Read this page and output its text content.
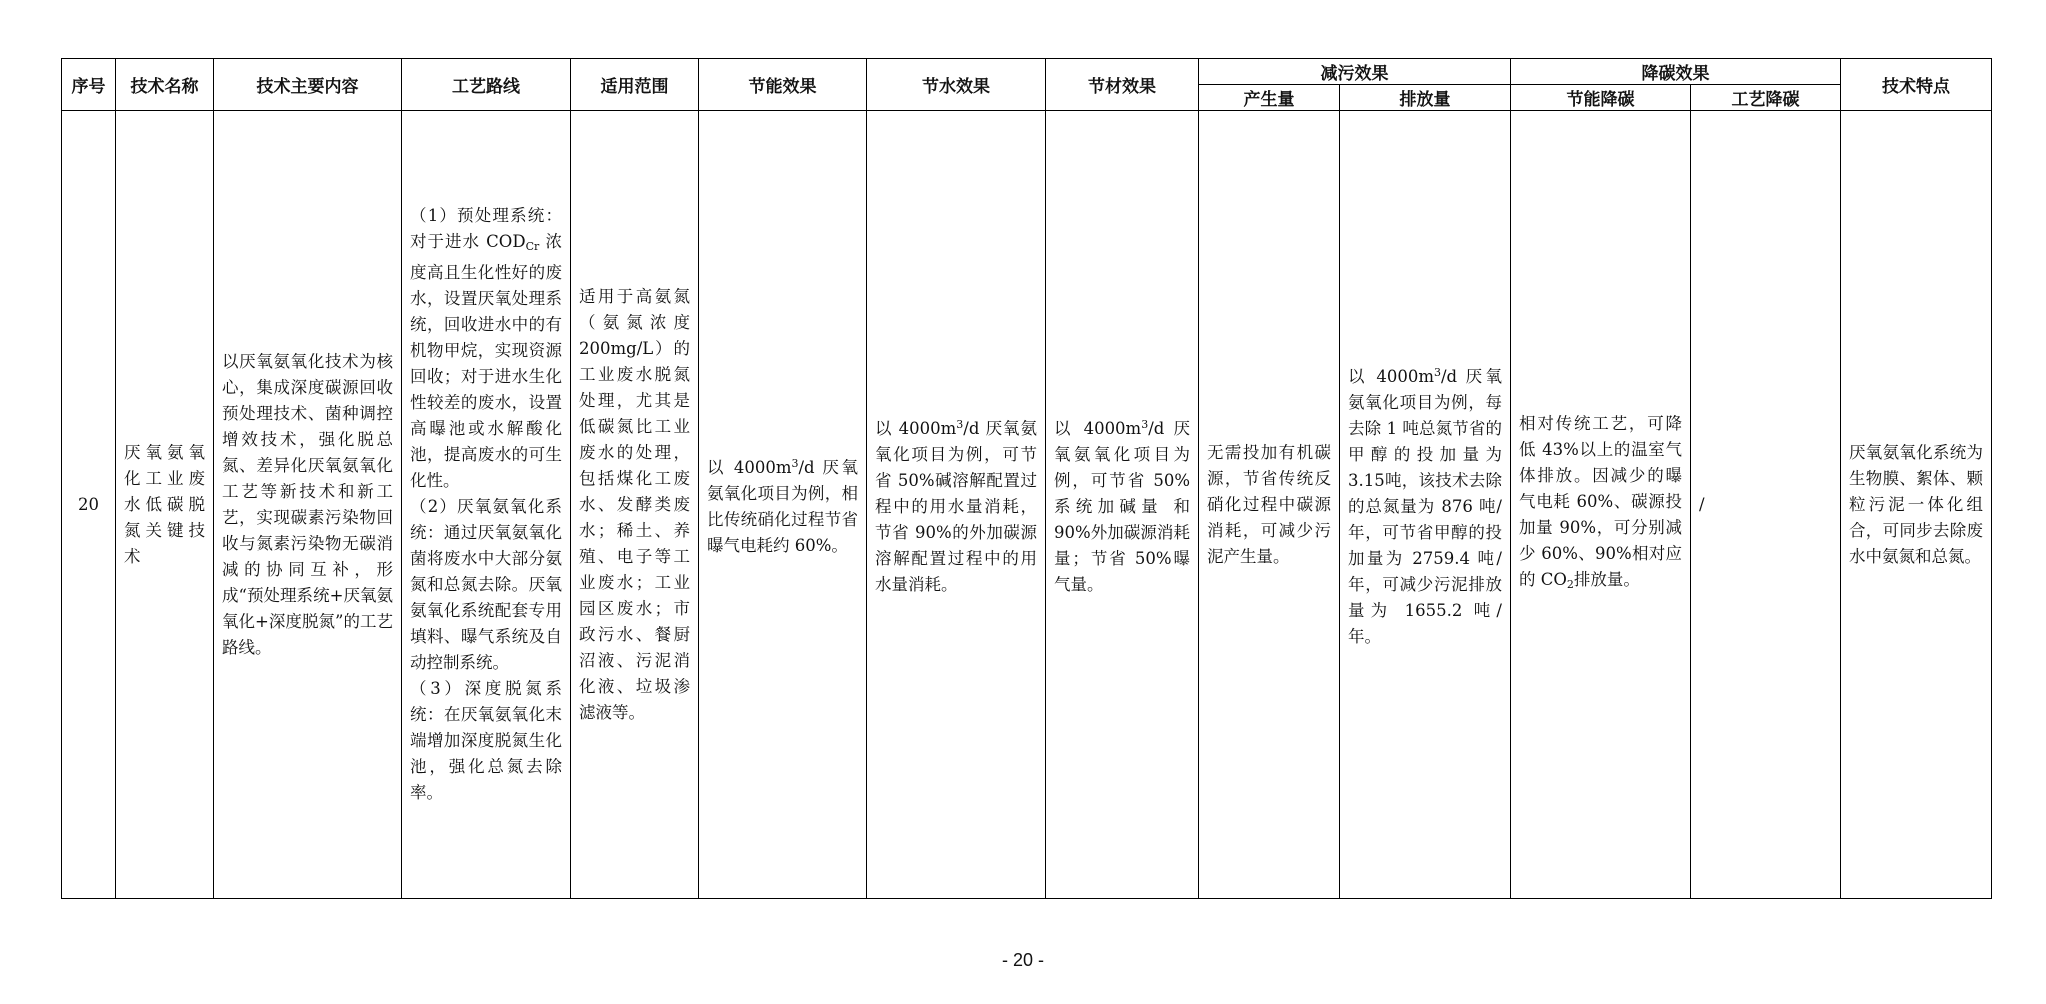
序号	技术名称	技术主要内容	工艺路线	适用范围	节能效果	节水效果	节材效果	减污效果		降碳效果		技术特点
								产生量	排放量	节能降碳	工艺降碳	
20	厌氧氨氧化工业废水低碳脱氮关键技术	以厌氧氨氧化技术为核心，集成深度碳源回收预处理技术、菌种调控增效技术，强化脱总氮、差异化厌氧氨氧化工艺等新技术和新工艺，实现碳素污染物回收与氮素污染物无碳消减的协同互补，形成“预处理系统+厌氧氨氧化+深度脱氮”的工艺路线。	（1）预处理系统：对于进水 $COD_{Cr}$ 浓度高且生化性好的废水，设置厌氧处理系统，回收进水中的有机物甲烷，实现资源回收；对于进水生化性较差的废水，设置高曝池或水解酸化池，提高废水的可生化性。
（2）厌氧氨氧化系统：通过厌氧氨氧化菌将废水中大部分氨氮和总氮去除。厌氧氨氧化系统配套专用填料、曝气系统及自动控制系统。
（3）深度脱氮系统：在厌氧氨氧化末端增加深度脱氮生化池，强化总氮去除率。	适用于高氨氮（氨氮浓度200mg/L）的工业废水脱氮处理，尤其是低碳氮比工业废水的处理，包括煤化工废水、发酵类废水；稀土、养殖、电子等工业废水；工业园区废水；市政污水、餐厨沼液、污泥消化液、垃圾渗滤液等。	以 $4000m^3/d$ 厌氧氨氧化项目为例，相比传统硝化过程节省曝气电耗约 60%。	以 $4000m^3/d$ 厌氧氨氧化项目为例，可节省 50%碱溶解配置过程中的用水量消耗，节省 90%的外加碳源溶解配置过程中的用水量消耗。	以 $4000m^3/d$ 厌氧氨氧化项目为例，可节省 50%系统加碱量 和 90%外加碳源消耗量；节省 50%曝气量。	无需投加有机碳源，节省传统反硝化过程中碳源消耗，可减少污泥产生量。	以 $4000m^3/d$ 厌氧氨氧化项目为例，每去除 1 吨总氮节省的甲醇的投加量为 3.15吨，该技术去除的总氮量为 876 吨/年，可节省甲醇的投加量为 2759.4 吨/年，可减少污泥排放量为 1655.2 吨/年。	相对传统工艺，可降低 43%以上的温室气体排放。因减少的曝气电耗 60%、碳源投加量 90%，可分别减少 60%、90%相对应的 $CO_2$排放量。	/	厌氧氨氧化系统为生物膜、絮体、颗粒污泥一体化组合，可同步去除废水中氨氮和总氮。
- 20 -
